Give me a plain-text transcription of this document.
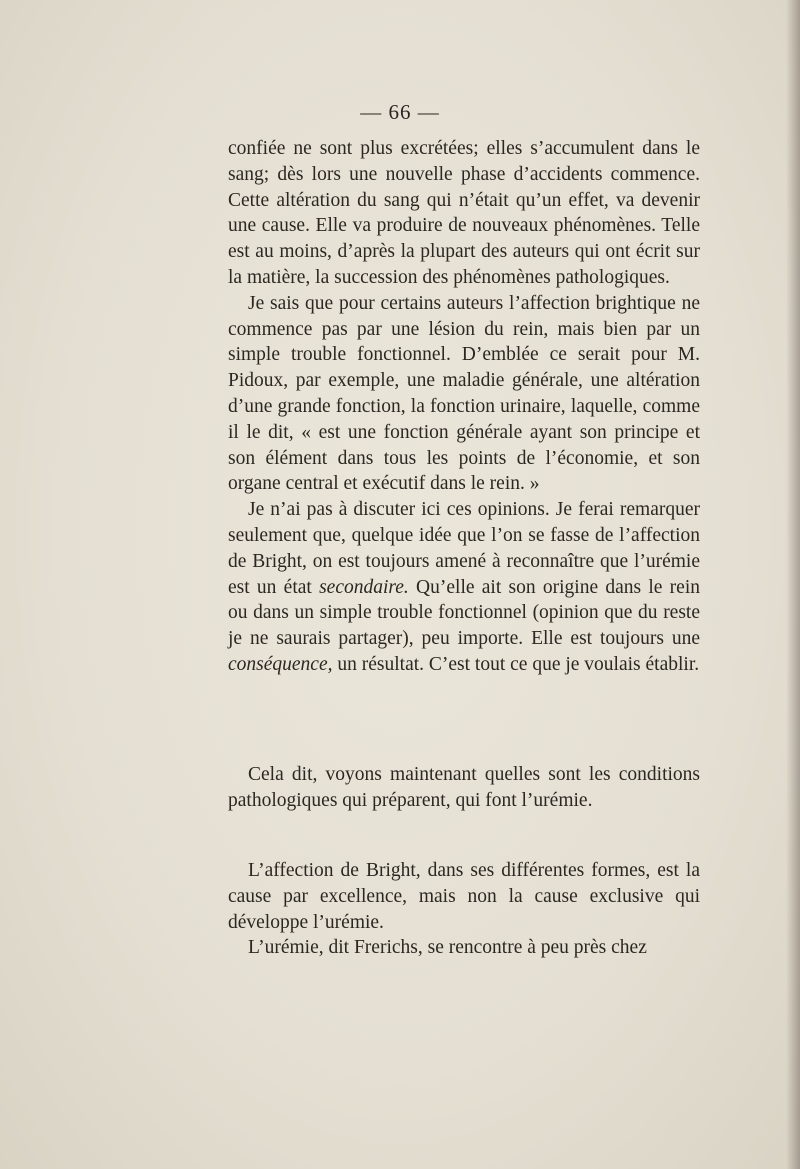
— 66 —

confiée ne sont plus excrétées; elles s’accumulent dans le sang; dès lors une nouvelle phase d’accidents commence. Cette altération du sang qui n’était qu’un effet, va devenir une cause. Elle va produire de nouveaux phénomènes. Telle est au moins, d’après la plupart des auteurs qui ont écrit sur la matière, la succession des phénomènes pathologiques.

Je sais que pour certains auteurs l’affection brightique ne commence pas par une lésion du rein, mais bien par un simple trouble fonctionnel. D’emblée ce serait pour M. Pidoux, par exemple, une maladie générale, une altération d’une grande fonction, la fonction urinaire, laquelle, comme il le dit, « est une fonction générale ayant son principe et son élément dans tous les points de l’économie, et son organe central et exécutif dans le rein. »

Je n’ai pas à discuter ici ces opinions. Je ferai remarquer seulement que, quelque idée que l’on se fasse de l’affection de Bright, on est toujours amené à reconnaître que l’urémie est un état secondaire. Qu’elle ait son origine dans le rein ou dans un simple trouble fonctionnel (opinion que du reste je ne saurais partager), peu importe. Elle est toujours une conséquence, un résultat. C’est tout ce que je voulais établir.

Cela dit, voyons maintenant quelles sont les conditions pathologiques qui préparent, qui font l’urémie.

L’affection de Bright, dans ses différentes formes, est la cause par excellence, mais non la cause exclusive qui développe l’urémie.

L’urémie, dit Frerichs, se rencontre à peu près chez
